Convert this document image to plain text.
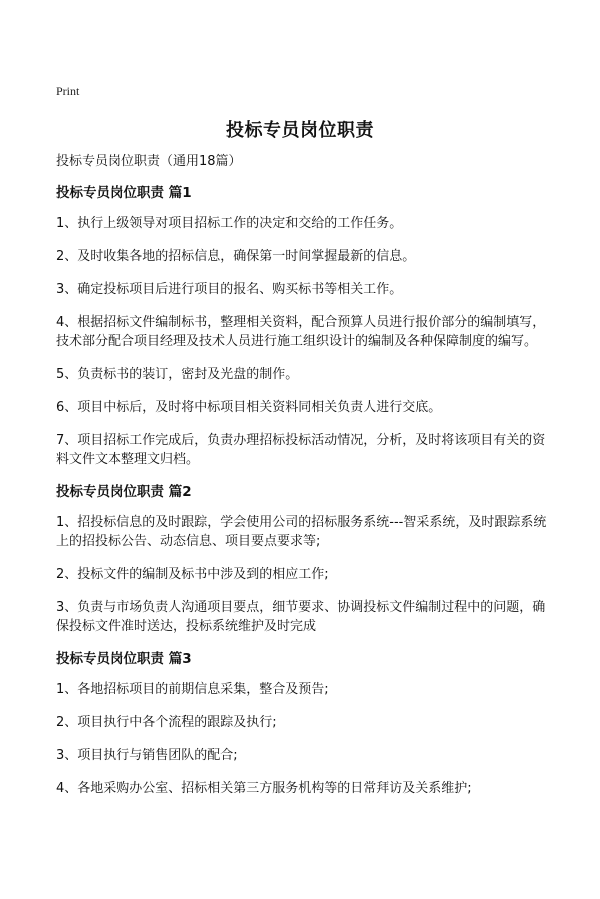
Print
投标专员岗位职责

投标专员岗位职责（通用18篇）

投标专员岗位职责 篇1

1、执行上级领导对项目招标工作的决定和交给的工作任务。

2、及时收集各地的招标信息，确保第一时间掌握最新的信息。

3、确定投标项目后进行项目的报名、购买标书等相关工作。

4、根据招标文件编制标书，整理相关资料，配合预算人员进行报价部分的编制填写，技术部分配合项目经理及技术人员进行施工组织设计的编制及各种保障制度的编写。

5、负责标书的装订，密封及光盘的制作。

6、项目中标后，及时将中标项目相关资料同相关负责人进行交底。

7、项目招标工作完成后，负责办理招标投标活动情况，分析，及时将该项目有关的资料文件文本整理文归档。

投标专员岗位职责 篇2

1、招投标信息的及时跟踪，学会使用公司的招标服务系统---智采系统，及时跟踪系统上的招投标公告、动态信息、项目要点要求等;

2、投标文件的编制及标书中涉及到的相应工作;

3、负责与市场负责人沟通项目要点，细节要求、协调投标文件编制过程中的问题，确保投标文件准时送达，投标系统维护及时完成

投标专员岗位职责 篇3

1、各地招标项目的前期信息采集，整合及预告;

2、项目执行中各个流程的跟踪及执行;

3、项目执行与销售团队的配合;

4、各地采购办公室、招标相关第三方服务机构等的日常拜访及关系维护;
